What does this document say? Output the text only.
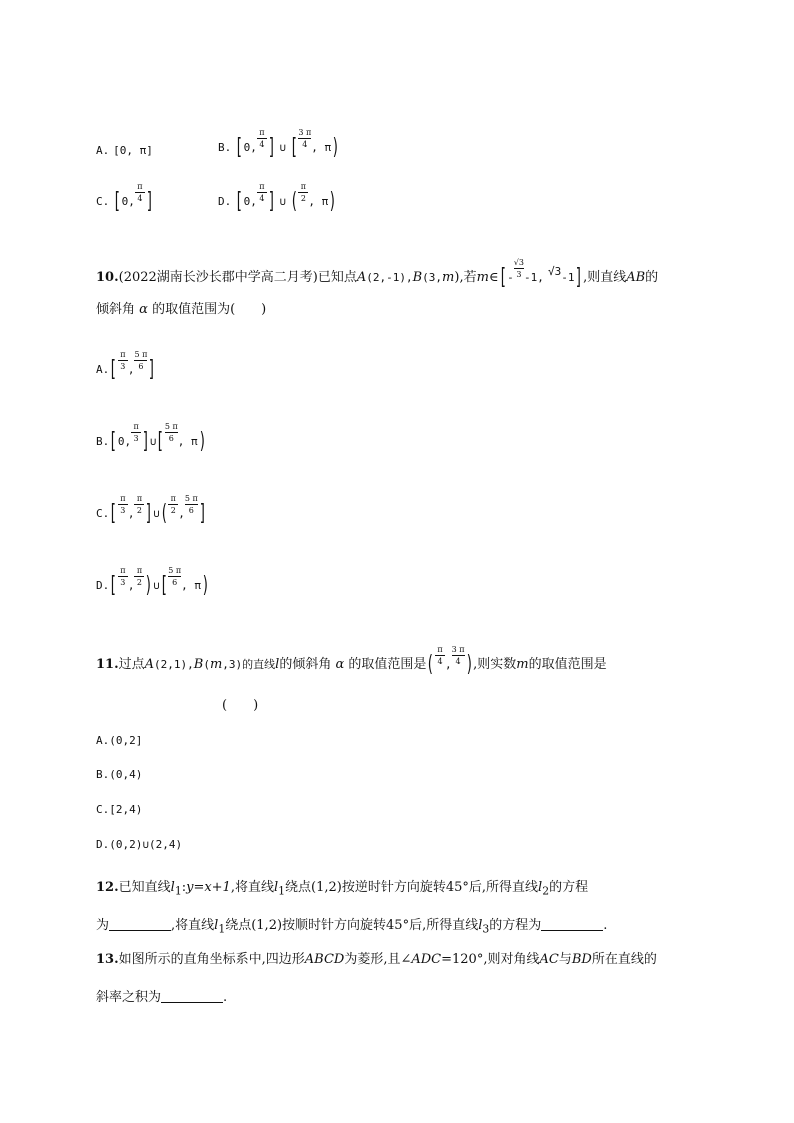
A. [0, π]	B. [ 0, $\frac{\pi}{4}$ ] ∪ [ $\frac{3 \pi}{4}$ , π)
C. [ 0, $\frac{\pi}{4}$ ]	D. [ 0, $\frac{\pi}{4}$ ] ∪ ( $\frac{\pi}{2}$ , π)
10.(2022湖南长沙长郡中学高二月考)已知点A(2,-1),B(3,m),若m∈[ - $\frac{√3}{3} -1$, $^{√3}$-1] ,则直线AB的
倾斜角 α 的取值范围为(　　)
$A.[ \frac{\pi}{3}$ , $\frac{5 \pi}{6}$ ]
B.[ 0, $\frac{\pi}{3}$ ] ∪[ $\frac{5 \pi}{6}$ , π)
$C.[ \frac{\pi}{3}$ , $\frac{\pi}{2}$ ] ∪( $\frac{\pi}{2}$ , $\frac{5 \pi}{6}$ ]
$D.[ \frac{\pi}{3}$ , $\frac{\pi}{2}$ ) ∪[ $\frac{5 \pi}{6}$ , π)
11.过点A(2,1),B(m,3)的直线l的倾斜角 α 的取值范围是( $\frac{\pi}{4}$ , $\frac{3 \pi}{4}$ ) ,则实数m的取值范围是
(　　)
A.(0,2]
B.(0,4)
C.[2,4)
D.(0,2)∪(2,4)
12.已知直线$l_1:y=x+1$,将直线$l_1$绕点(1,2)按逆时针方向旋转45°后,所得直线$l_2$的方程
为	,将直线$l_1$绕点(1,2)按顺时针方向旋转45°后,所得直线$l_3$的方程为	.
13.如图所示的直角坐标系中,四边形ABCD为菱形,且∠ADC=120°,则对角线AC与BD所在直线的
斜率之积为	.
